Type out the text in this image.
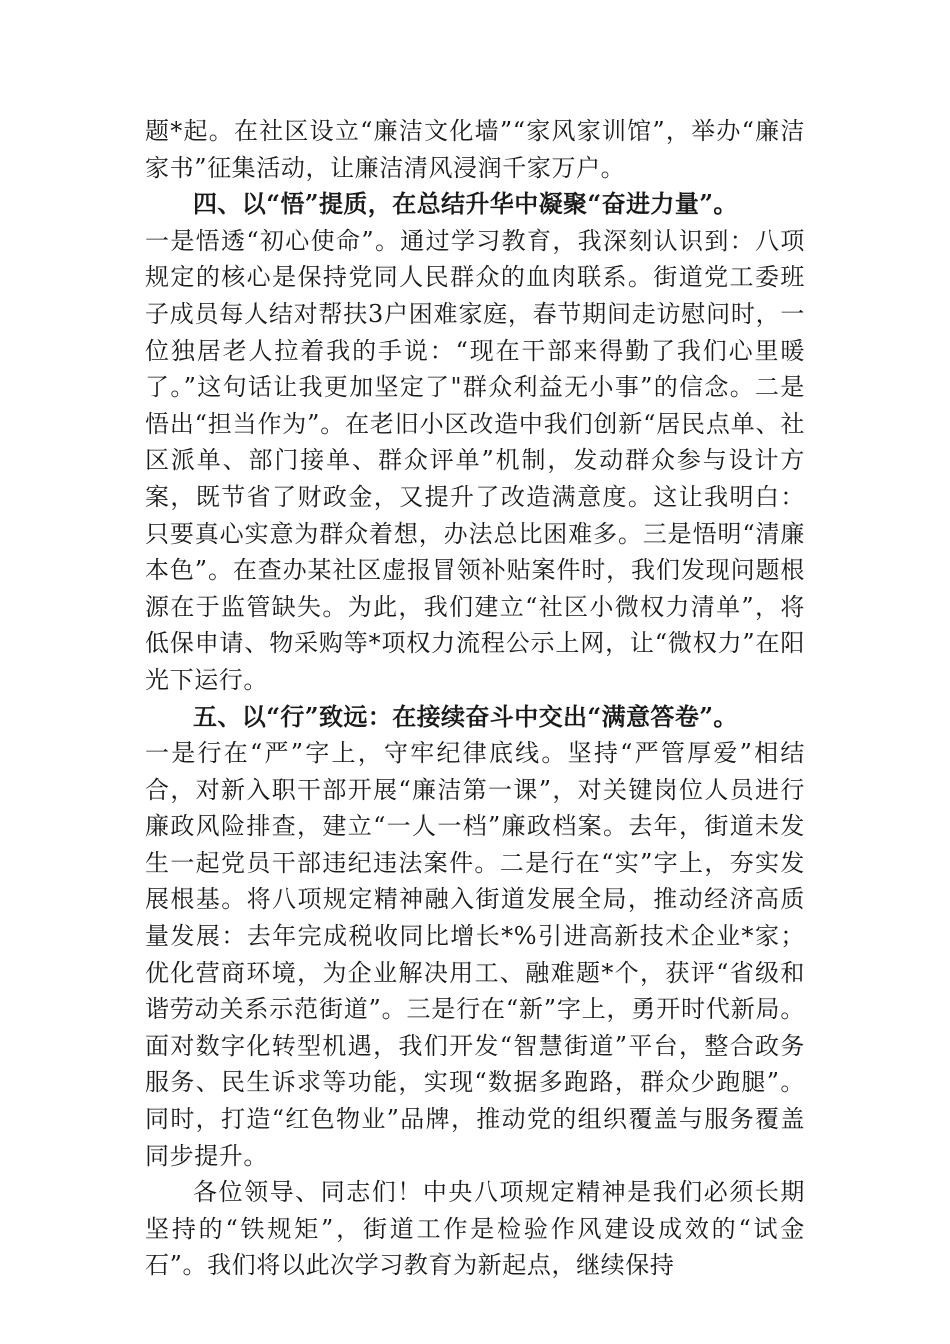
题*起。在社区设立“廉洁文化墙”“家风家训馆”，举办“廉洁家书”征集活动，让廉洁清风浸润千家万户。

四、以“悟”提质，在总结升华中凝聚“奋进力量”。

一是悟透“初心使命”。通过学习教育，我深刻认识到：八项规定的核心是保持党同人民群众的血肉联系。街道党工委班子成员每人结对帮扶3户困难家庭，春节期间走访慰问时，一位独居老人拉着我的手说：“现在干部来得勤了我们心里暖了。”这句话让我更加坚定了"群众利益无小事”的信念。二是悟出“担当作为”。在老旧小区改造中我们创新“居民点单、社区派单、部门接单、群众评单”机制，发动群众参与设计方案，既节省了财政金，又提升了改造满意度。这让我明白：只要真心实意为群众着想，办法总比困难多。三是悟明“清廉本色”。在查办某社区虚报冒领补贴案件时，我们发现问题根源在于监管缺失。为此，我们建立“社区小微权力清单”，将低保申请、物采购等*项权力流程公示上网，让“微权力”在阳光下运行。

五、以“行”致远：在接续奋斗中交出“满意答卷”。

一是行在“严”字上，守牢纪律底线。坚持“严管厚爱”相结合，对新入职干部开展“廉洁第一课”，对关键岗位人员进行廉政风险排查，建立“一人一档”廉政档案。去年，街道未发生一起党员干部违纪违法案件。二是行在“实”字上，夯实发展根基。将八项规定精神融入街道发展全局，推动经济高质量发展：去年完成税收同比增长*%引进高新技术企业*家；优化营商环境，为企业解决用工、融难题*个，获评“省级和谐劳动关系示范街道”。三是行在“新”字上，勇开时代新局。面对数字化转型机遇，我们开发“智慧街道”平台，整合政务服务、民生诉求等功能，实现“数据多跑路，群众少跑腿”。同时，打造“红色物业”品牌，推动党的组织覆盖与服务覆盖同步提升。

各位领导、同志们！中央八项规定精神是我们必须长期坚持的“铁规矩”，街道工作是检验作风建设成效的“试金石”。我们将以此次学习教育为新起点，继续保持
